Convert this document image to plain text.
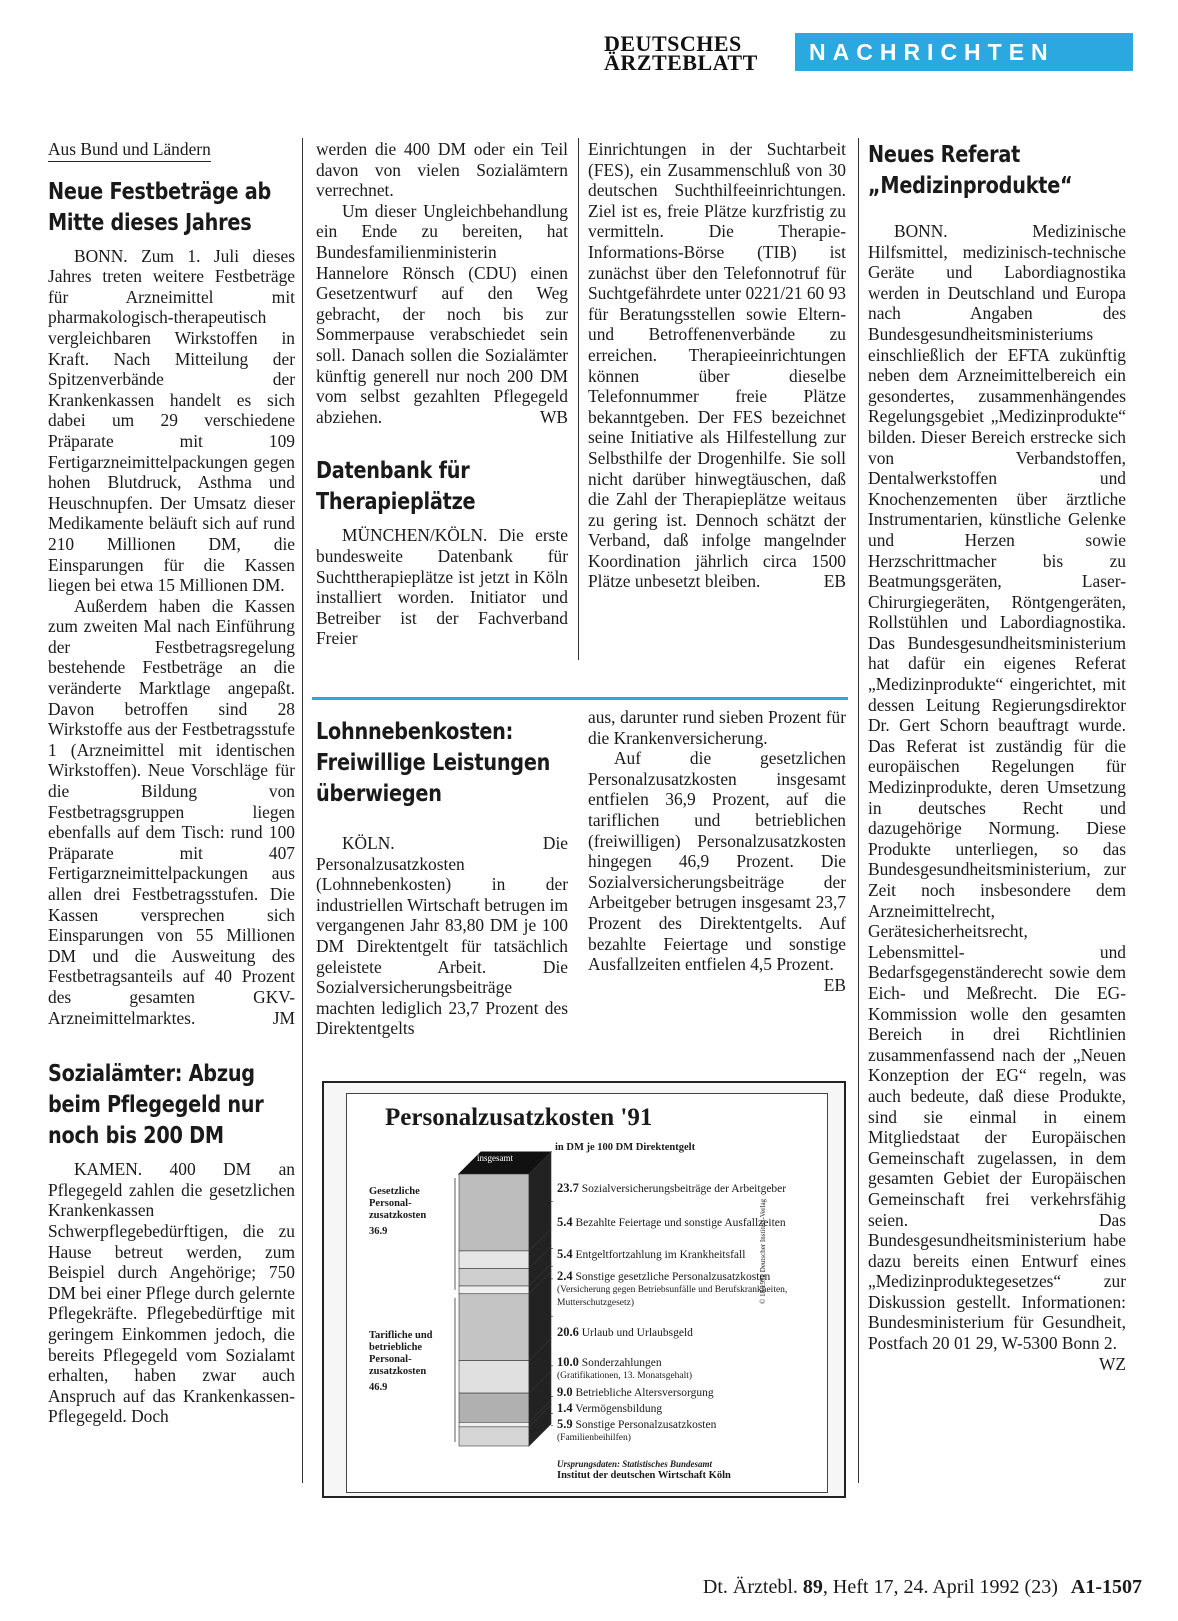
DEUTSCHES
ÄRZTEBLATT	NACHRICHTEN
Aus Bund und Ländern
Neue Festbeträge ab Mitte dieses Jahres

BONN. Zum 1. Juli dieses Jahres treten weitere Festbeträge für Arzneimittel mit pharmakologisch-therapeutisch vergleichbaren Wirkstoffen in Kraft. Nach Mitteilung der Spitzenverbände der Krankenkassen handelt es sich dabei um 29 verschiedene Präparate mit 109 Fertigarzneimittelpackungen gegen hohen Blutdruck, Asthma und Heuschnupfen. Der Umsatz dieser Medikamente beläuft sich auf rund 210 Millionen DM, die Einsparungen für die Kassen liegen bei etwa 15 Millionen DM.

Außerdem haben die Kassen zum zweiten Mal nach Einführung der Festbetragsregelung bestehende Festbeträge an die veränderte Marktlage angepaßt. Davon betroffen sind 28 Wirkstoffe aus der Festbetragsstufe 1 (Arzneimittel mit identischen Wirkstoffen). Neue Vorschläge für die Bildung von Festbetragsgruppen liegen ebenfalls auf dem Tisch: rund 100 Präparate mit 407 Fertigarzneimittelpackungen aus allen drei Festbetragsstufen. Die Kassen versprechen sich Einsparungen von 55 Millionen DM und die Ausweitung des Festbetragsanteils auf 40 Prozent des gesamten GKV-Arzneimittelmarktes.	JM

Sozialämter: Abzug beim Pflegegeld nur noch bis 200 DM

KAMEN. 400 DM an Pflegegeld zahlen die gesetzlichen Krankenkassen Schwerpflegebedürftigen, die zu Hause betreut werden, zum Beispiel durch Angehörige; 750 DM bei einer Pflege durch gelernte Pflegekräfte. Pflegebedürftige mit geringem Einkommen jedoch, die bereits Pflegegeld vom Sozialamt erhalten, haben zwar auch Anspruch auf das Krankenkassen-Pflegegeld. Doch

werden die 400 DM oder ein Teil davon von vielen Sozialämtern verrechnet.

Um dieser Ungleichbehandlung ein Ende zu bereiten, hat Bundesfamilienministerin Hannelore Rönsch (CDU) einen Gesetzentwurf auf den Weg gebracht, der noch bis zur Sommerpause verabschiedet sein soll. Danach sollen die Sozialämter künftig generell nur noch 200 DM vom selbst gezahlten Pflegegeld abziehen.	WB

Datenbank für Therapieplätze

MÜNCHEN/KÖLN. Die erste bundesweite Datenbank für Suchttherapieplätze ist jetzt in Köln installiert worden. Initiator und Betreiber ist der Fachverband Freier

Einrichtungen in der Suchtarbeit (FES), ein Zusammenschluß von 30 deutschen Suchthilfeeinrichtungen. Ziel ist es, freie Plätze kurzfristig zu vermitteln. Die Therapie-Informations-Börse (TIB) ist zunächst über den Telefonnotruf für Suchtgefährdete unter 0221/21 60 93 für Beratungsstellen sowie Eltern- und Betroffenenverbände zu erreichen. Therapieeinrichtungen können über dieselbe Telefonnummer freie Plätze bekanntgeben. Der FES bezeichnet seine Initiative als Hilfestellung zur Selbsthilfe der Drogenhilfe. Sie soll nicht darüber hinwegtäuschen, daß die Zahl der Therapieplätze weitaus zu gering ist. Dennoch schätzt der Verband, daß infolge mangelnder Koordination jährlich circa 1500 Plätze unbesetzt bleiben.	EB

Lohnnebenkosten: Freiwillige Leistungen überwiegen

KÖLN. Die Personalzusatzkosten (Lohnnebenkosten) in der industriellen Wirtschaft betrugen im vergangenen Jahr 83,80 DM je 100 DM Direktentgelt für tatsächlich geleistete Arbeit. Die Sozialversicherungsbeiträge machten lediglich 23,7 Prozent des Direktentgelts

aus, darunter rund sieben Prozent für die Krankenversicherung.

Auf die gesetzlichen Personalzusatzkosten insgesamt entfielen 36,9 Prozent, auf die tariflichen und betrieblichen (freiwilligen) Personalzusatzkosten hingegen 46,9 Prozent. Die Sozialversicherungsbeiträge der Arbeitgeber betrugen insgesamt 23,7 Prozent des Direktentgelts. Auf bezahlte Feiertage und sonstige Ausfallzeiten entfielen 4,5 Prozent.
EB

Neues Referat „Medizinprodukte“

BONN. Medizinische Hilfsmittel, medizinisch-technische Geräte und Labordiagnostika werden in Deutschland und Europa nach Angaben des Bundesgesundheitsministeriums einschließlich der EFTA zukünftig neben dem Arzneimittelbereich ein gesondertes, zusammenhängendes Regelungsgebiet „Medizinprodukte“ bilden. Dieser Bereich erstrecke sich von Verbandstoffen, Dentalwerkstoffen und Knochenzementen über ärztliche Instrumentarien, künstliche Gelenke und Herzen sowie Herzschrittmacher bis zu Beatmungsgeräten, Laser-Chirurgiegeräten, Röntgengeräten, Rollstühlen und Labordiagnostika. Das Bundesgesundheitsministerium hat dafür ein eigenes Referat „Medizinprodukte“ eingerichtet, mit dessen Leitung Regierungsdirektor Dr. Gert Schorn beauftragt wurde. Das Referat ist zuständig für die europäischen Regelungen für Medizinprodukte, deren Umsetzung in deutsches Recht und dazugehörige Normung. Diese Produkte unterliegen, so das Bundesgesundheitsministerium, zur Zeit noch insbesondere dem Arzneimittelrecht, Gerätesicherheitsrecht, Lebensmittel- und Bedarfsgegenständerecht sowie dem Eich- und Meßrecht. Die EG-Kommission wolle den gesamten Bereich in drei Richtlinien zusammenfassend nach der „Neuen Konzeption der EG“ regeln, was auch bedeute, daß diese Produkte, sind sie einmal in einem Mitgliedstaat der Europäischen Gemeinschaft zugelassen, in dem gesamten Gebiet der Europäischen Gemeinschaft frei verkehrsfähig seien. Das Bundesgesundheitsministerium habe dazu bereits einen Entwurf eines „Medizinproduktegesetzes“ zur Diskussion gestellt. Informationen: Bundesministerium für Gesundheit, Postfach 20 01 29, W-5300 Bonn 2.
WZ

Personalzusatzkosten '91
in DM je 100 DM Direktentgelt
83,8
insgesamt
Gesetzliche Personal-zusatzkosten
36.9
Tarifliche und betriebliche Personal-zusatzkosten
46.9
23.7 Sozialversicherungsbeiträge der Arbeitgeber
5.4 Bezahlte Feiertage und sonstige Ausfallzeiten
5.4 Entgeltfortzahlung im Krankheitsfall
2.4 Sonstige gesetzliche Personalzusatzkosten (Versicherung gegen Betriebsunfälle und Berufskrankheiten, Mutterschutzgesetz)
20.6 Urlaub und Urlaubsgeld
10.0 Sonderzahlungen
(Gratifikationen, 13. Monatsgehalt)
9.0 Betriebliche Altersversorgung
1.4 Vermögensbildung
5.9 Sonstige Personalzusatzkosten
(Familienbeihilfen)
Ursprungsdaten: Statistisches Bundesamt
Institut der deutschen Wirtschaft Köln
© 18/1992 Deutscher Instituts-Verlag
Dt. Ärztebl. 89, Heft 17, 24. April 1992 (23) A1-1507
